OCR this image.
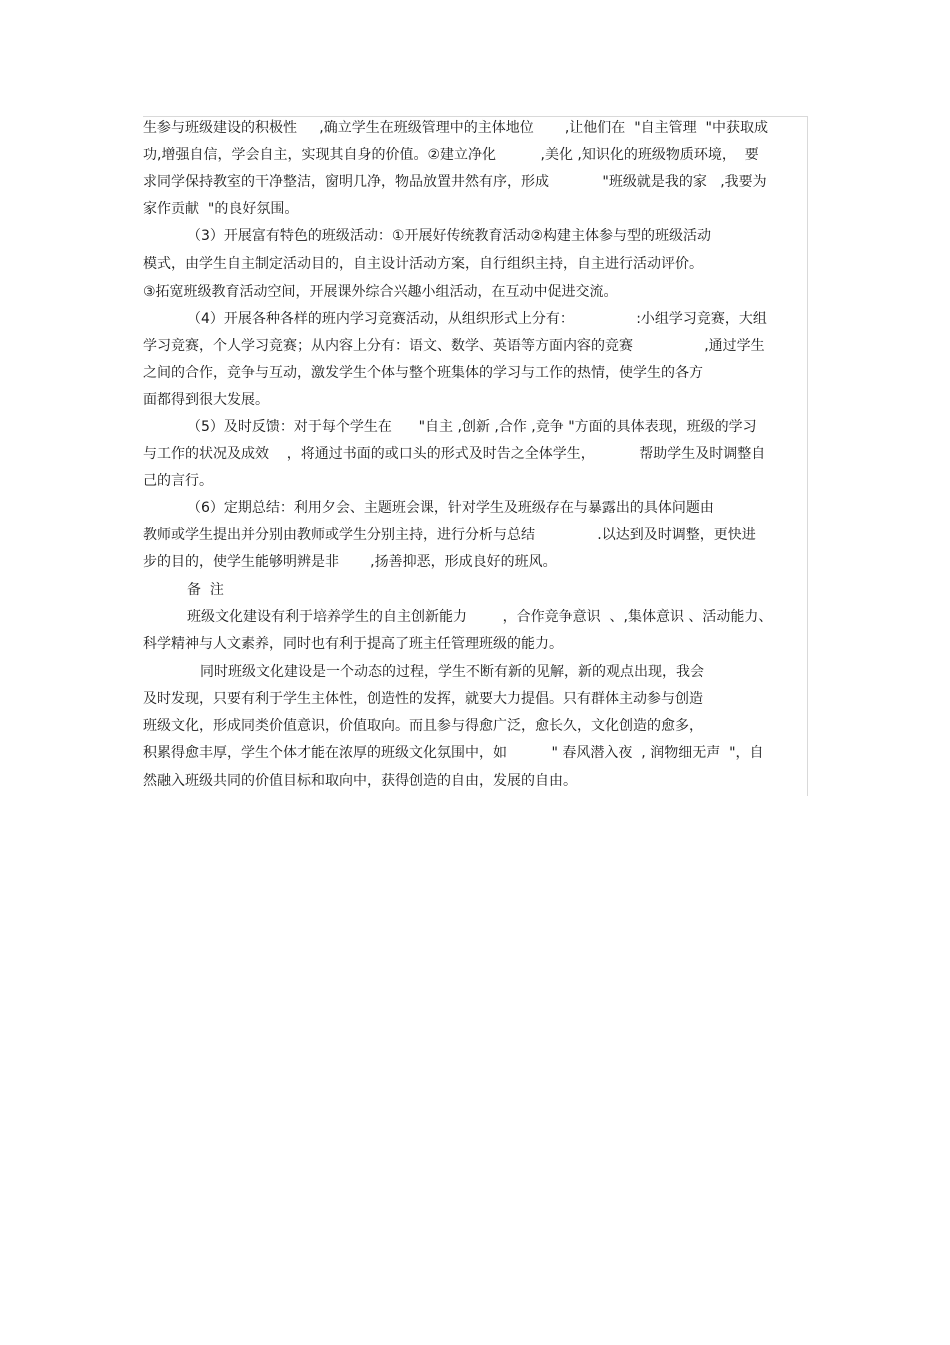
生参与班级建设的积极性     ,确立学生在班级管理中的主体地位       ,让他们在  "自主管理  "中获取成
功,增强自信，学会自主，实现其自身的价值。②建立净化          ,美化 ,知识化的班级物质环境，  要
求同学保持教室的干净整洁，窗明几净，物品放置井然有序，形成            "班级就是我的家   ,我要为
家作贡献  "的良好氛围。
（3）开展富有特色的班级活动：①开展好传统教育活动②构建主体参与型的班级活动
模式，由学生自主制定活动目的，自主设计活动方案，自行组织主持，自主进行活动评价。
③拓宽班级教育活动空间，开展课外综合兴趣小组活动，在互动中促进交流。
（4）开展各种各样的班内学习竞赛活动，从组织形式上分有：              :小组学习竞赛，大组
学习竞赛，个人学习竞赛；从内容上分有：语文、数学、英语等方面内容的竞赛                ,通过学生
之间的合作，竞争与互动，激发学生个体与整个班集体的学习与工作的热情，使学生的各方
面都得到很大发展。
（5）及时反馈：对于每个学生在      "自主 ,创新 ,合作 ,竞争 "方面的具体表现，班级的学习
与工作的状况及成效    ，将通过书面的或口头的形式及时告之全体学生，          帮助学生及时调整自
己的言行。
（6）定期总结：利用夕会、主题班会课，针对学生及班级存在与暴露出的具体问题由
教师或学生提出并分别由教师或学生分别主持，进行分析与总结              .以达到及时调整，更快进
步的目的，使学生能够明辨是非       ,扬善抑恶，形成良好的班风。
备  注
班级文化建设有利于培养学生的自主创新能力        ，合作竞争意识  、,集体意识 、活动能力、
科学精神与人文素养，同时也有利于提高了班主任管理班级的能力。
同时班级文化建设是一个动态的过程，学生不断有新的见解，新的观点出现，我会
及时发现，只要有利于学生主体性，创造性的发挥，就要大力提倡。只有群体主动参与创造
班级文化，形成同类价值意识，价值取向。而且参与得愈广泛，愈长久，文化创造的愈多，
积累得愈丰厚，学生个体才能在浓厚的班级文化氛围中，如          " 春风潜入夜  , 润物细无声  "，自
然融入班级共同的价值目标和取向中，获得创造的自由，发展的自由。
